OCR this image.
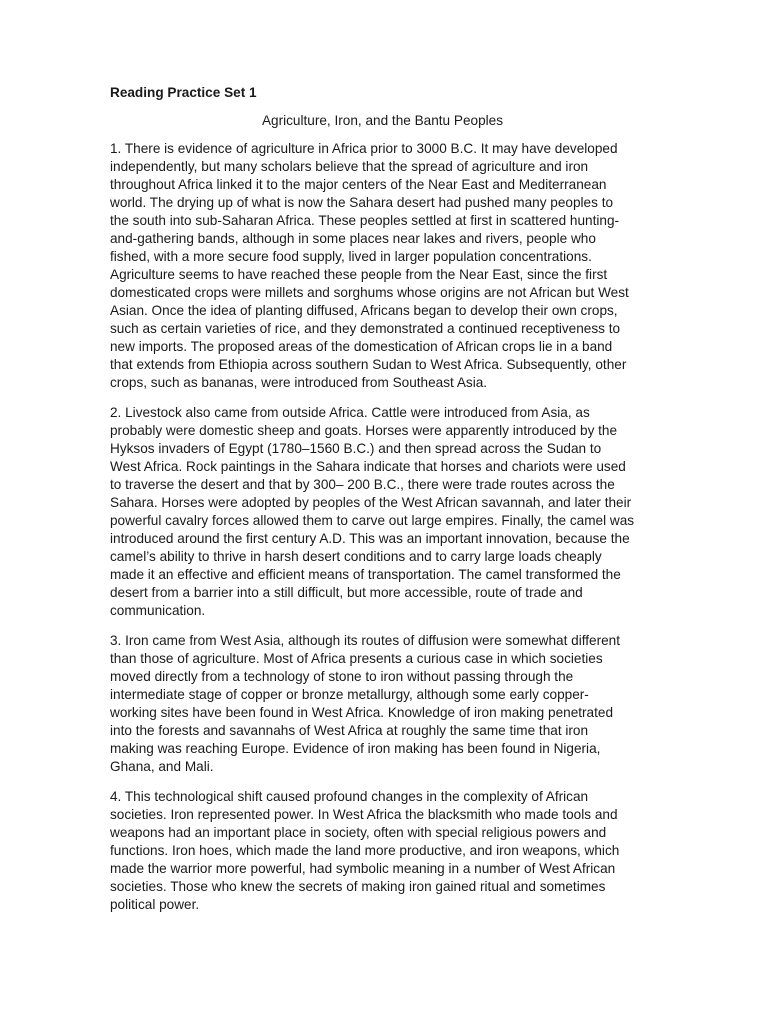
Reading Practice Set 1
Agriculture, Iron, and the Bantu Peoples
1. There is evidence of agriculture in Africa prior to 3000 B.C. It may have developed
independently, but many scholars believe that the spread of agriculture and iron
throughout Africa linked it to the major centers of the Near East and Mediterranean
world. The drying up of what is now the Sahara desert had pushed many peoples to
the south into sub-Saharan Africa. These peoples settled at first in scattered hunting-
and-gathering bands, although in some places near lakes and rivers, people who
fished, with a more secure food supply, lived in larger population concentrations.
Agriculture seems to have reached these people from the Near East, since the first
domesticated crops were millets and sorghums whose origins are not African but West
Asian. Once the idea of planting diffused, Africans began to develop their own crops,
such as certain varieties of rice, and they demonstrated a continued receptiveness to
new imports. The proposed areas of the domestication of African crops lie in a band
that extends from Ethiopia across southern Sudan to West Africa. Subsequently, other
crops, such as bananas, were introduced from Southeast Asia.
2. Livestock also came from outside Africa. Cattle were introduced from Asia, as
probably were domestic sheep and goats. Horses were apparently introduced by the
Hyksos invaders of Egypt (1780–1560 B.C.) and then spread across the Sudan to
West Africa. Rock paintings in the Sahara indicate that horses and chariots were used
to traverse the desert and that by 300– 200 B.C., there were trade routes across the
Sahara. Horses were adopted by peoples of the West African savannah, and later their
powerful cavalry forces allowed them to carve out large empires. Finally, the camel was
introduced around the first century A.D. This was an important innovation, because the
camel’s ability to thrive in harsh desert conditions and to carry large loads cheaply
made it an effective and efficient means of transportation. The camel transformed the
desert from a barrier into a still difficult, but more accessible, route of trade and
communication.
3. Iron came from West Asia, although its routes of diffusion were somewhat different
than those of agriculture. Most of Africa presents a curious case in which societies
moved directly from a technology of stone to iron without passing through the
intermediate stage of copper or bronze metallurgy, although some early copper-
working sites have been found in West Africa. Knowledge of iron making penetrated
into the forests and savannahs of West Africa at roughly the same time that iron
making was reaching Europe. Evidence of iron making has been found in Nigeria,
Ghana, and Mali.
4. This technological shift caused profound changes in the complexity of African
societies. Iron represented power. In West Africa the blacksmith who made tools and
weapons had an important place in society, often with special religious powers and
functions. Iron hoes, which made the land more productive, and iron weapons, which
made the warrior more powerful, had symbolic meaning in a number of West African
societies. Those who knew the secrets of making iron gained ritual and sometimes
political power.
